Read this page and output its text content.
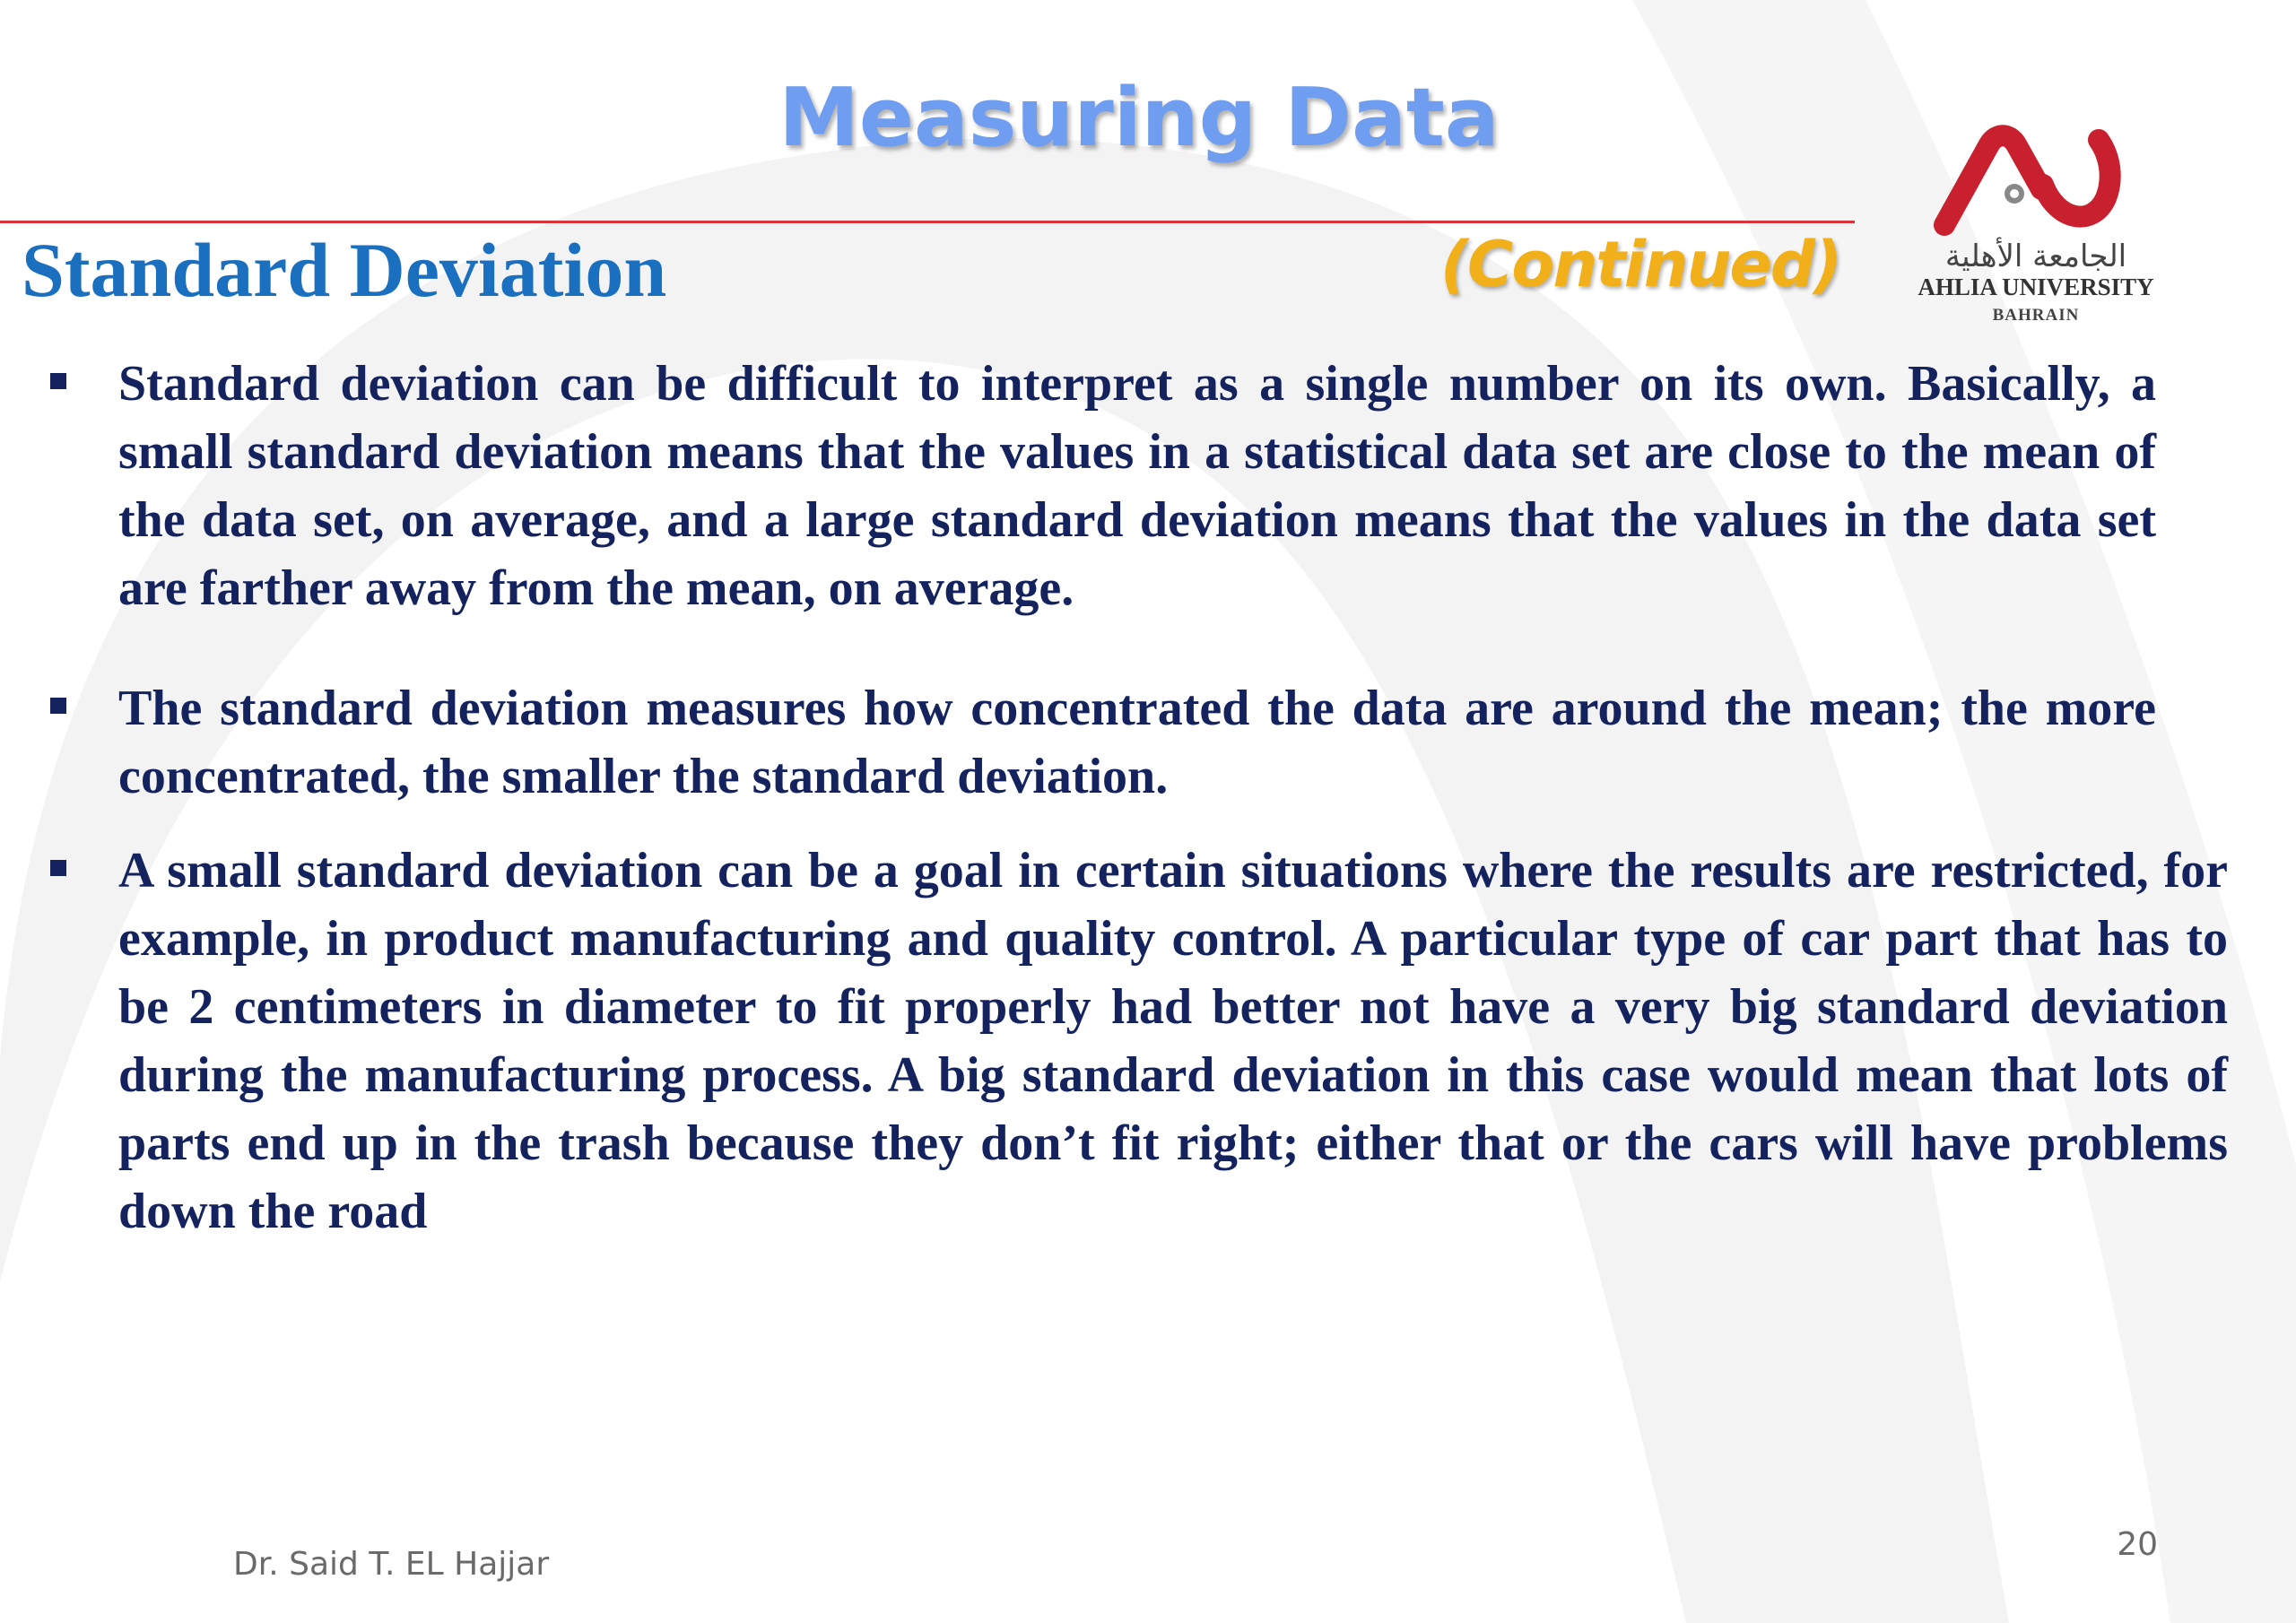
Measuring Data
Standard Deviation	(Continued)	الجامعة الأهلية
AHLIA UNIVERSITY
BAHRAIN
Standard deviation can be difficult to interpret as a single number on its own. Basically, a small standard deviation means that the values in a statistical data set are close to the mean of the data set, on average, and a large standard deviation means that the values in the data set are farther away from the mean, on average.
The standard deviation measures how concentrated the data are around the mean; the more concentrated, the smaller the standard deviation.
A small standard deviation can be a goal in certain situations where the results are restricted, for example, in product manufacturing and quality control. A particular type of car part that has to be 2 centimeters in diameter to fit properly had better not have a very big standard deviation during the manufacturing process. A big standard deviation in this case would mean that lots of parts end up in the trash because they don’t fit right; either that or the cars will have problems down the road
Dr. Said T. EL Hajjar
20
